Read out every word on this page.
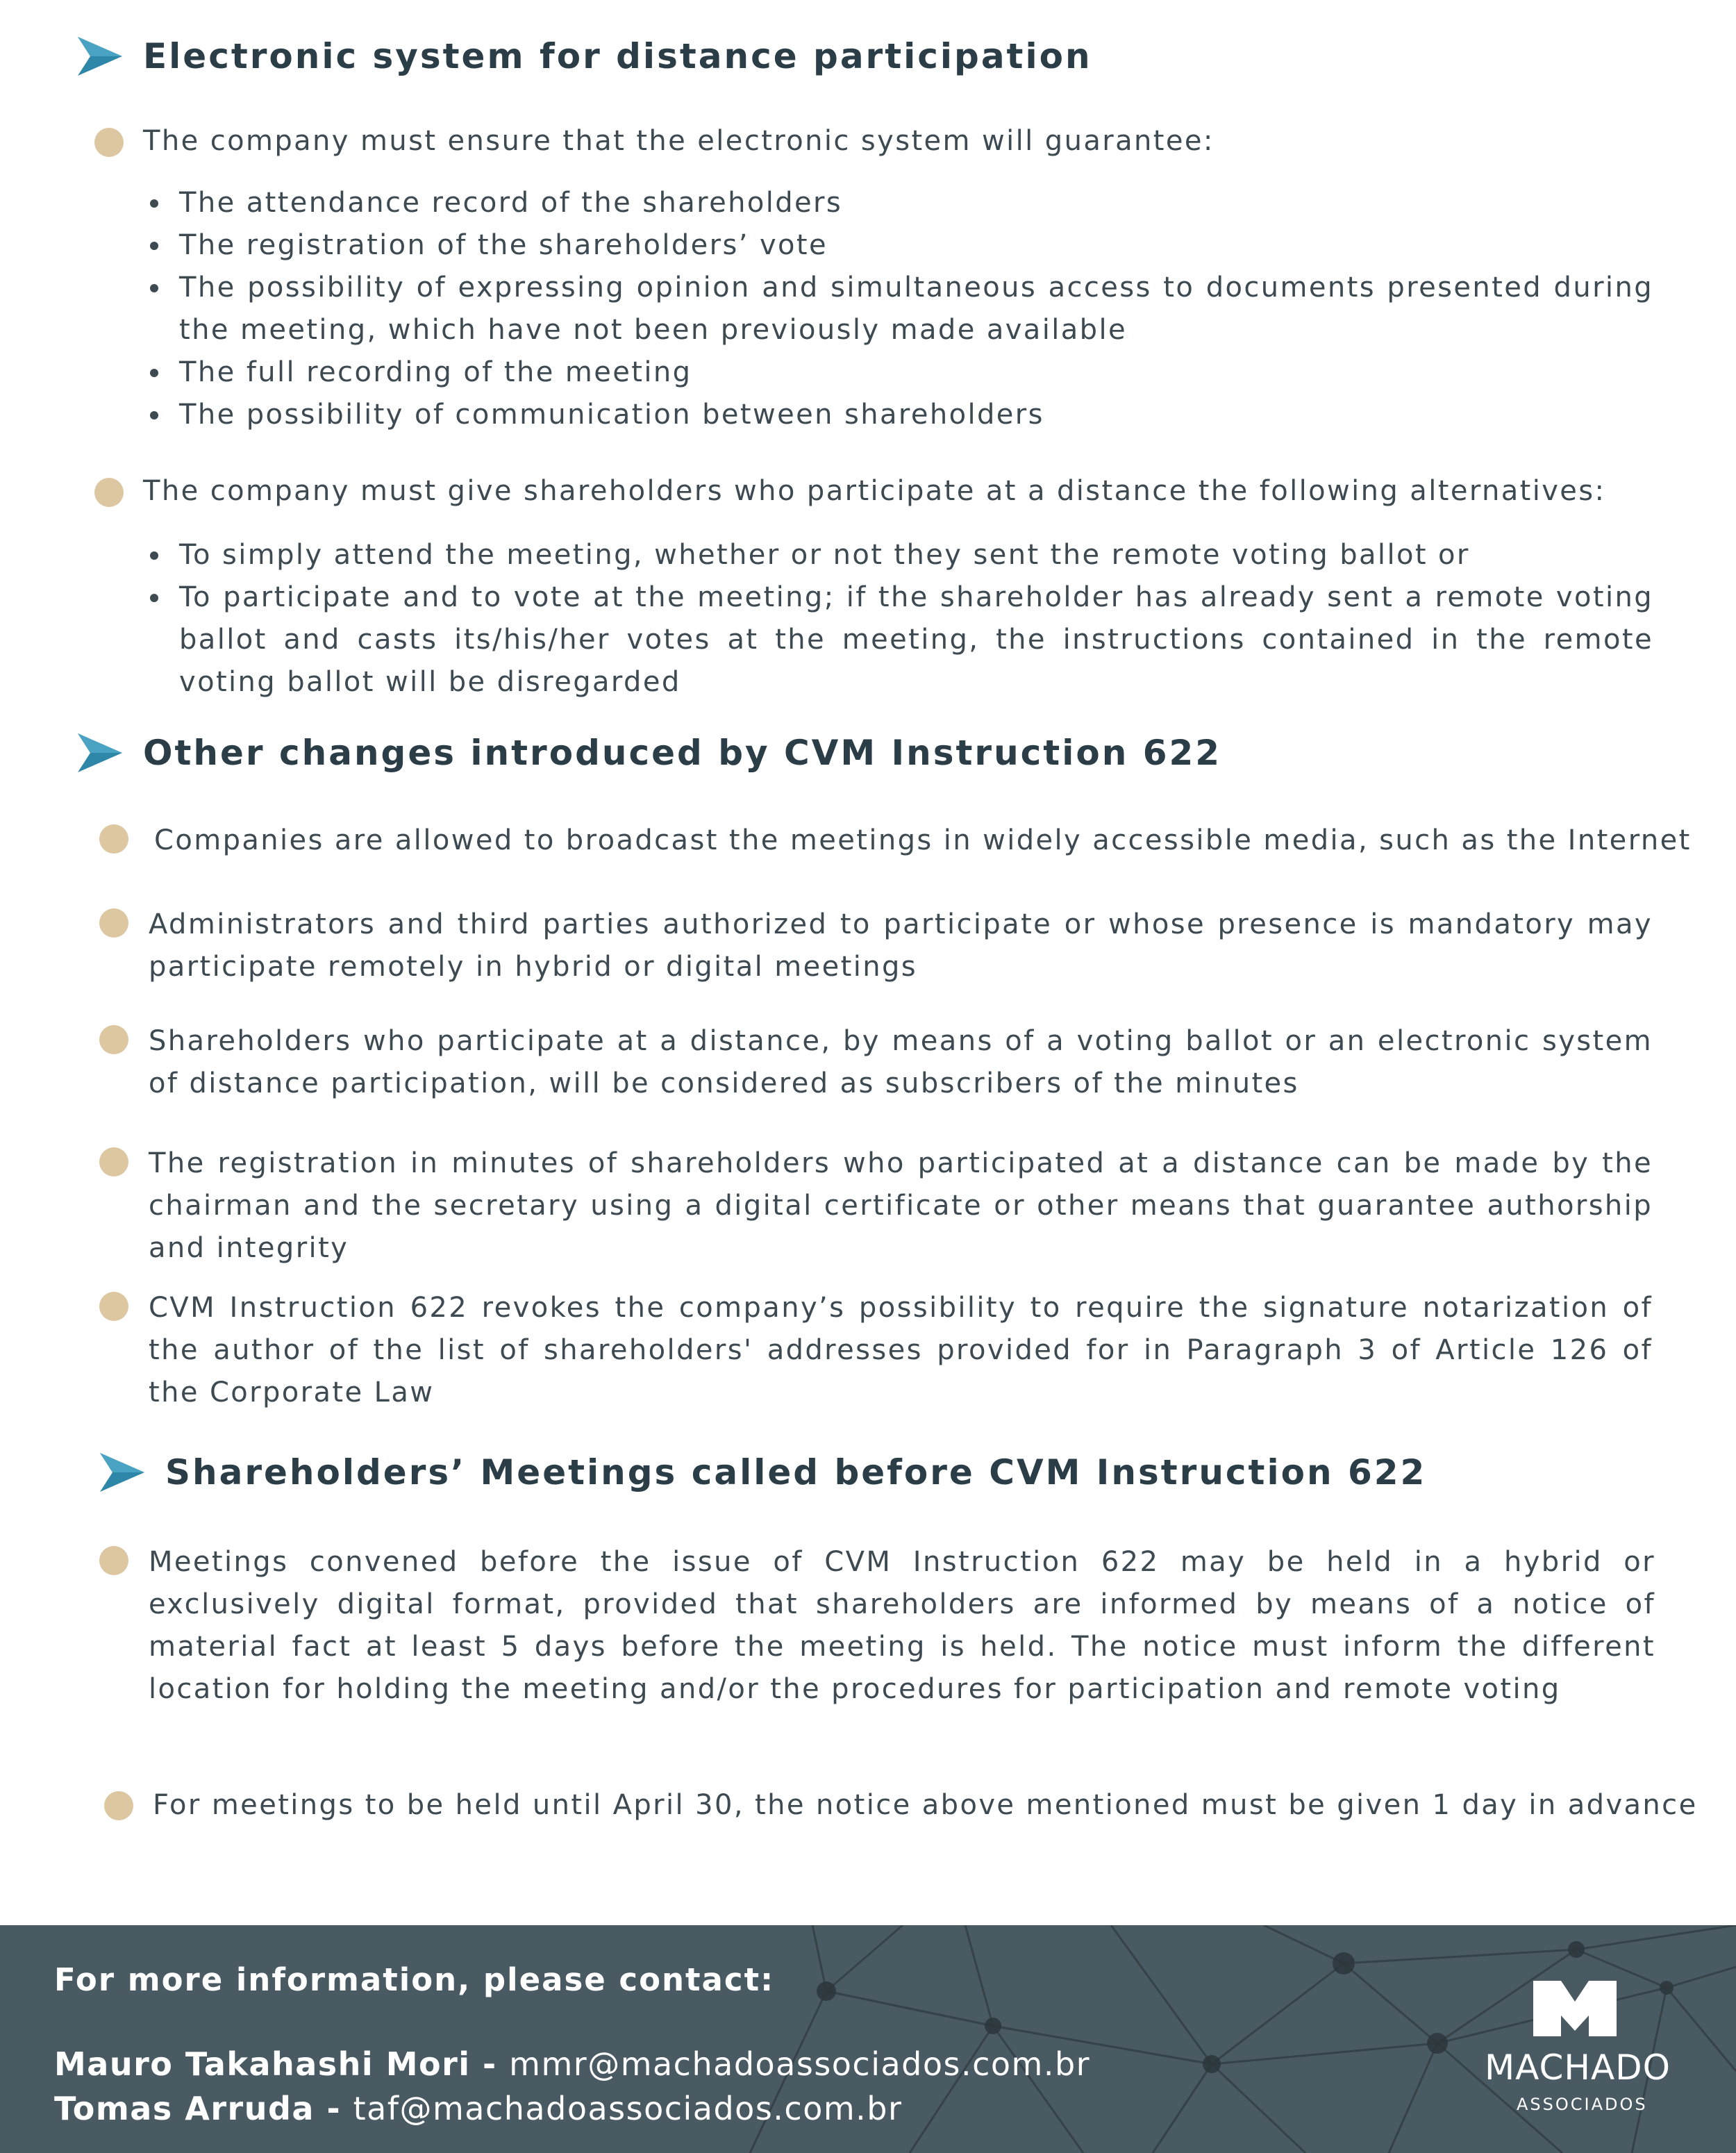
Electronic system for distance participation

The company must ensure that the electronic system will guarantee:

The attendance record of the shareholders
The registration of the shareholders’ vote
The possibility of expressing opinion and simultaneous access to documents presented during the meeting, which have not been previously made available
The full recording of the meeting
The possibility of communication between shareholders

The company must give shareholders who participate at a distance the following alternatives:

To simply attend the meeting, whether or not they sent the remote voting ballot or
To participate and to vote at the meeting; if the shareholder has already sent a remote voting ballot and casts its/his/her votes at the meeting, the instructions contained in the remote voting ballot will be disregarded
Other changes introduced by CVM Instruction 622

Companies are allowed to broadcast the meetings in widely accessible media, such as the Internet

Administrators and third parties authorized to participate or whose presence is mandatory may participate remotely in hybrid or digital meetings

Shareholders who participate at a distance, by means of a voting ballot or an electronic system of distance participation, will be considered as subscribers of the minutes

The registration in minutes of shareholders who participated at a distance can be made by the chairman and the secretary using a digital certificate or other means that guarantee authorship and integrity

CVM Instruction 622 revokes the company’s possibility to require the signature notarization of the author of the list of shareholders' addresses provided for in Paragraph 3 of Article 126 of the Corporate Law

Shareholders’ Meetings called before CVM Instruction 622

Meetings convened before the issue of CVM Instruction 622 may be held in a hybrid or exclusively digital format, provided that shareholders are informed by means of a notice of material fact at least 5 days before the meeting is held. The notice must inform the different location for holding the meeting and/or the procedures for participation and remote voting

For meetings to be held until April 30, the notice above mentioned must be given 1 day in advance

For more information, please contact:
Mauro Takahashi Mori - mmr@machadoassociados.com.br
Tomas Arruda - taf@machadoassociados.com.br
MACHADO
ASSOCIADOS
